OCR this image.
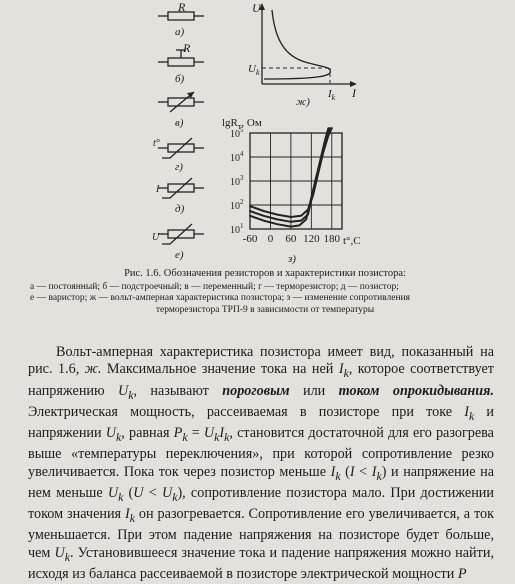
R
а)
R
б)
в)
t°
г)
I
д)
U
е)
U
I
$U_k$
$I_k$
ж)
lgR$_т$, Ом
-60 0 60 120 180
$10^1$
$10^2$
$10^3$
$10^4$
$10^5$
t°,C
з)
Рис. 1.6. Обозначения резисторов и характеристики позистора:
а — постоянный; б — подстроечный; в — переменный; г — терморезистор; д — позистор;
е — варистор; ж — вольт-амперная характеристика позистора; з — изменение сопротивления
терморезистора ТРП-9 в зависимости от температуры

Вольт-амперная характеристика позистора имеет вид, показанный на рис. 1.6, ж. Максимальное значение тока на ней $I_k$, которое соответствует напряжению $U_k$, называют пороговым или током опрокидывания. Электрическая мощность, рассеиваемая в позисторе при токе $I_k$ и напряжении $U_k$, равная $P_k = U_kI_k$, становится достаточной для его разогрева выше «температуры переключения», при которой сопротивление резко увеличивается. Пока ток через позистор меньше $I_k$ $(I < I_k)$ и напряжение на нем меньше $U_k$ $(U < U_k)$, сопротивление позистора мало. При достижении током значения $I_k$ он разогревается. Сопротивление его увеличивается, а ток уменьшается. При этом падение напряжения на позисторе будет больше, чем $U_k$. Установившееся значение тока и падение напряжения можно найти, исходя из баланса рассеиваемой в позисторе электрической мощности P
